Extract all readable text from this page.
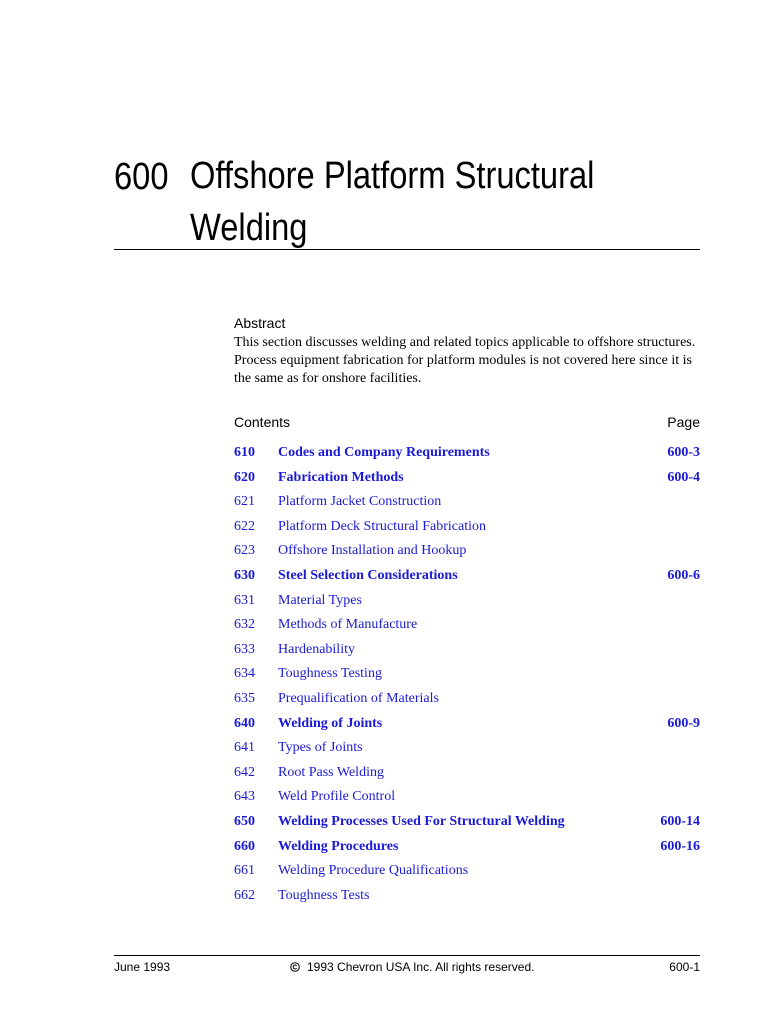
600 Offshore Platform Structural Welding
Abstract
This section discusses welding and related topics applicable to offshore structures. Process equipment fabrication for platform modules is not covered here since it is the same as for onshore facilities.
Contents	Page
610 Codes and Company Requirements	600-3
620 Fabrication Methods	600-4
621 Platform Jacket Construction
622 Platform Deck Structural Fabrication
623 Offshore Installation and Hookup
630 Steel Selection Considerations	600-6
631 Material Types
632 Methods of Manufacture
633 Hardenability
634 Toughness Testing
635 Prequalification of Materials
640 Welding of Joints	600-9
641 Types of Joints
642 Root Pass Welding
643 Weld Profile Control
650 Welding Processes Used For Structural Welding	600-14
660 Welding Procedures	600-16
661 Welding Procedure Qualifications
662 Toughness Tests
June 1993	1993 Chevron USA Inc. All rights reserved.	600-1
